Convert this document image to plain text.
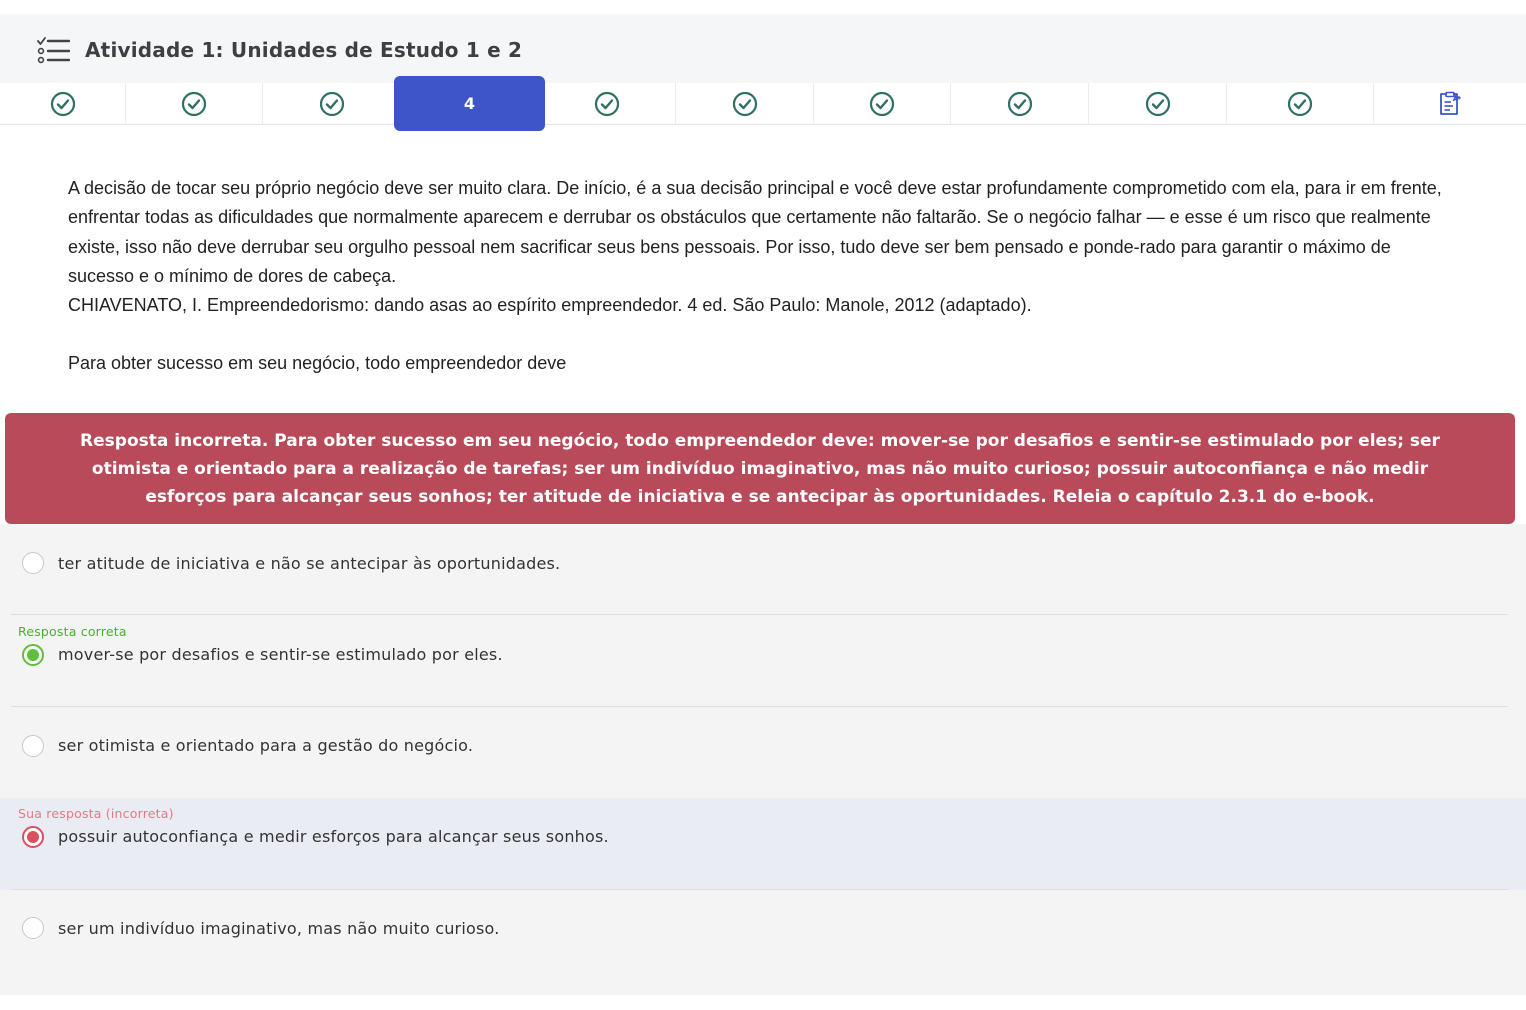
Atividade 1: Unidades de Estudo 1 e 2
4

A decisão de tocar seu próprio negócio deve ser muito clara. De início, é a sua decisão principal e você deve estar profundamente comprometido com ela, para ir em frente, enfrentar todas as dificuldades que normalmente aparecem e derrubar os obstáculos que certamente não faltarão. Se o negócio falhar — e esse é um risco que realmente existe, isso não deve derrubar seu orgulho pessoal nem sacrificar seus bens pessoais. Por isso, tudo deve ser bem pensado e ponde-rado para garantir o máximo de sucesso e o mínimo de dores de cabeça.

CHIAVENATO, I. Empreendedorismo: dando asas ao espírito empreendedor. 4 ed. São Paulo: Manole, 2012 (adaptado).

Para obter sucesso em seu negócio, todo empreendedor deve

Resposta incorreta. Para obter sucesso em seu negócio, todo empreendedor deve: mover-se por desafios e sentir-se estimulado por eles; ser otimista e orientado para a realização de tarefas; ser um indivíduo imaginativo, mas não muito curioso; possuir autoconfiança e não medir esforços para alcançar seus sonhos; ter atitude de iniciativa e se antecipar às oportunidades. Releia o capítulo 2.3.1 do e-book.
ter atitude de iniciativa e não se antecipar às oportunidades.
Resposta correta
mover-se por desafios e sentir-se estimulado por eles.
ser otimista e orientado para a gestão do negócio.
Sua resposta (incorreta)
possuir autoconfiança e medir esforços para alcançar seus sonhos.
ser um indivíduo imaginativo, mas não muito curioso.
